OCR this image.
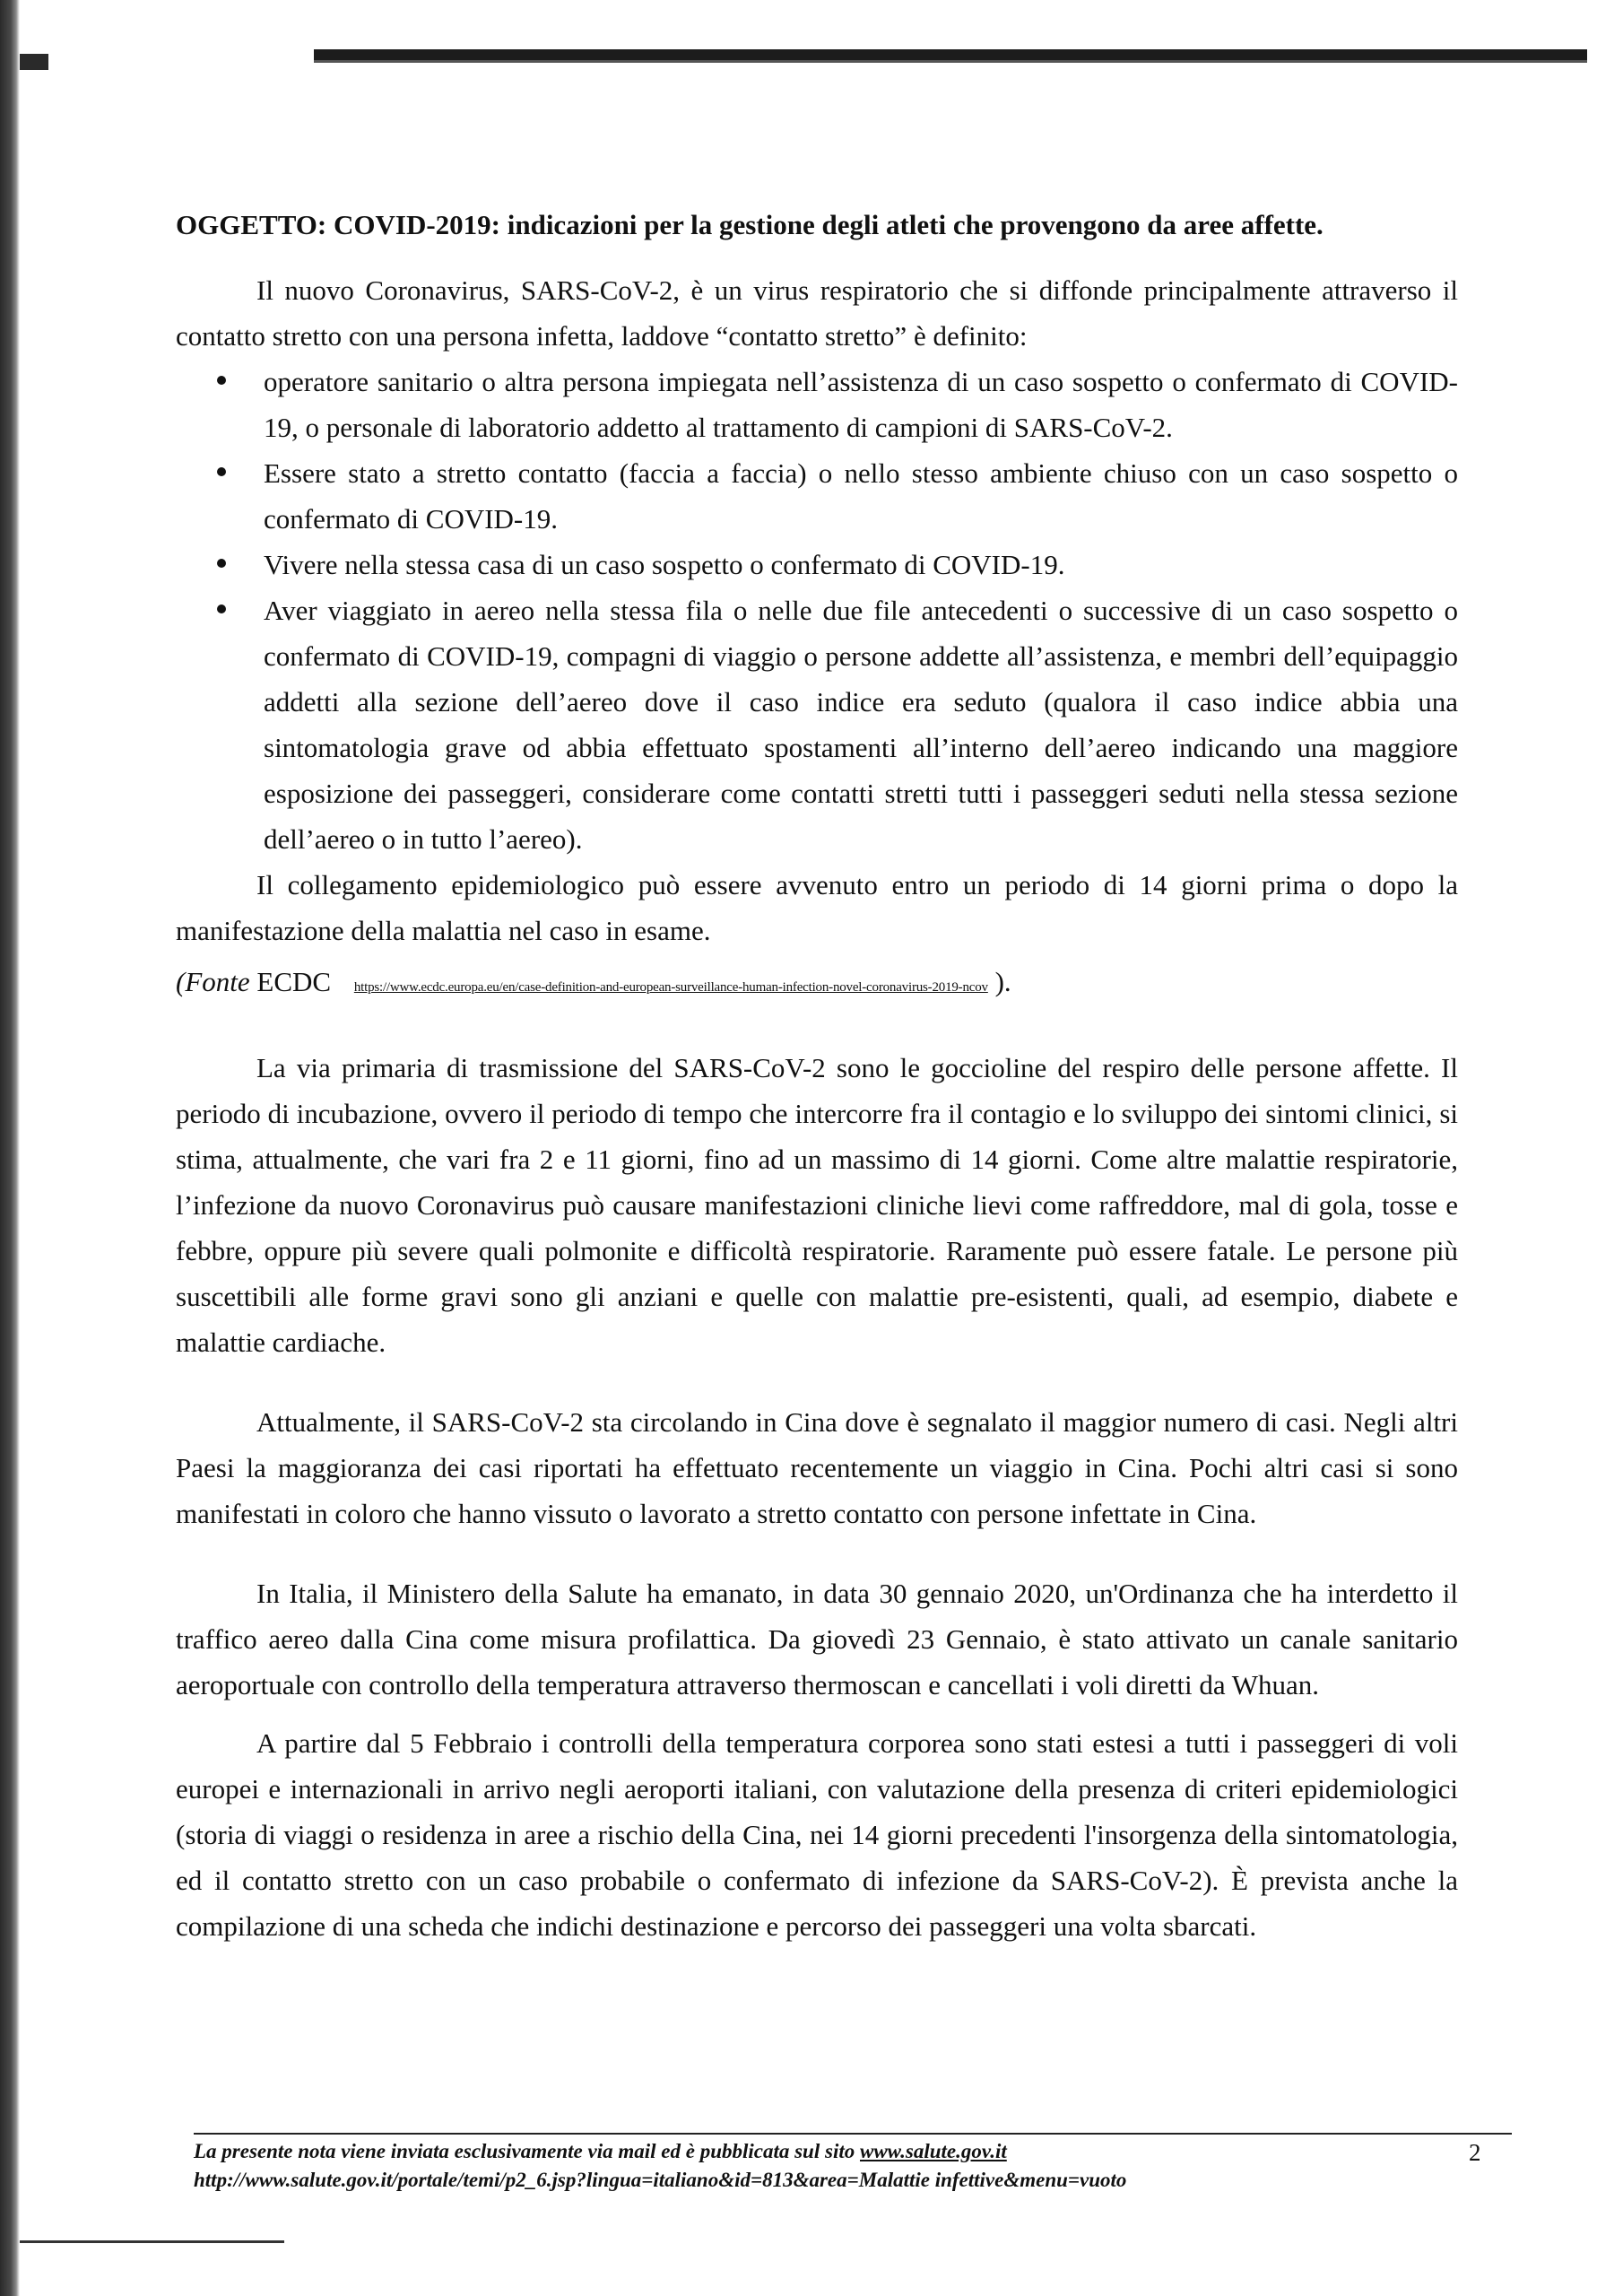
OGGETTO: COVID-2019: indicazioni per la gestione degli atleti che provengono da aree affette.

Il nuovo Coronavirus, SARS-CoV-2, è un virus respiratorio che si diffonde principalmente attraverso il contatto stretto con una persona infetta, laddove “contatto stretto” è definito:

operatore sanitario o altra persona impiegata nell’assistenza di un caso sospetto o confermato di COVID-19, o personale di laboratorio addetto al trattamento di campioni di SARS-CoV-2.
Essere stato a stretto contatto (faccia a faccia) o nello stesso ambiente chiuso con un caso sospetto o confermato di COVID-19.
Vivere nella stessa casa di un caso sospetto o confermato di COVID-19.
Aver viaggiato in aereo nella stessa fila o nelle due file antecedenti o successive di un caso sospetto o confermato di COVID-19, compagni di viaggio o persone addette all’assistenza, e membri dell’equipaggio addetti alla sezione dell’aereo dove il caso indice era seduto (qualora il caso indice abbia una sintomatologia grave od abbia effettuato spostamenti all’interno dell’aereo indicando una maggiore esposizione dei passeggeri, considerare come contatti stretti tutti i passeggeri seduti nella stessa sezione dell’aereo o in tutto l’aereo).

Il collegamento epidemiologico può essere avvenuto entro un periodo di 14 giorni prima o dopo la manifestazione della malattia nel caso in esame.

(Fonte ECDC https://www.ecdc.europa.eu/en/case-definition-and-european-surveillance-human-infection-novel-coronavirus-2019-ncov ).

La via primaria di trasmissione del SARS-CoV-2 sono le goccioline del respiro delle persone affette. Il periodo di incubazione, ovvero il periodo di tempo che intercorre fra il contagio e lo sviluppo dei sintomi clinici, si stima, attualmente, che vari fra 2 e 11 giorni, fino ad un massimo di 14 giorni. Come altre malattie respiratorie, l’infezione da nuovo Coronavirus può causare manifestazioni cliniche lievi come raffreddore, mal di gola, tosse e febbre, oppure più severe quali polmonite e difficoltà respiratorie. Raramente può essere fatale. Le persone più suscettibili alle forme gravi sono gli anziani e quelle con malattie pre-esistenti, quali, ad esempio, diabete e malattie cardiache.

Attualmente, il SARS-CoV-2 sta circolando in Cina dove è segnalato il maggior numero di casi. Negli altri Paesi la maggioranza dei casi riportati ha effettuato recentemente un viaggio in Cina. Pochi altri casi si sono manifestati in coloro che hanno vissuto o lavorato a stretto contatto con persone infettate in Cina.

In Italia, il Ministero della Salute ha emanato, in data 30 gennaio 2020, un'Ordinanza che ha interdetto il traffico aereo dalla Cina come misura profilattica. Da giovedì 23 Gennaio, è stato attivato un canale sanitario aeroportuale con controllo della temperatura attraverso thermoscan e cancellati i voli diretti da Whuan.

A partire dal 5 Febbraio i controlli della temperatura corporea sono stati estesi a tutti i passeggeri di voli europei e internazionali in arrivo negli aeroporti italiani, con valutazione della presenza di criteri epidemiologici (storia di viaggi o residenza in aree a rischio della Cina, nei 14 giorni precedenti l'insorgenza della sintomatologia, ed il contatto stretto con un caso probabile o confermato di infezione da SARS-CoV-2). È prevista anche la compilazione di una scheda che indichi destinazione e percorso dei passeggeri una volta sbarcati.

La presente nota viene inviata esclusivamente via mail ed è pubblicata sul sito www.salute.gov.it
http://www.salute.gov.it/portale/temi/p2_6.jsp?lingua=italiano&id=813&area=Malattie infettive&menu=vuoto
2
